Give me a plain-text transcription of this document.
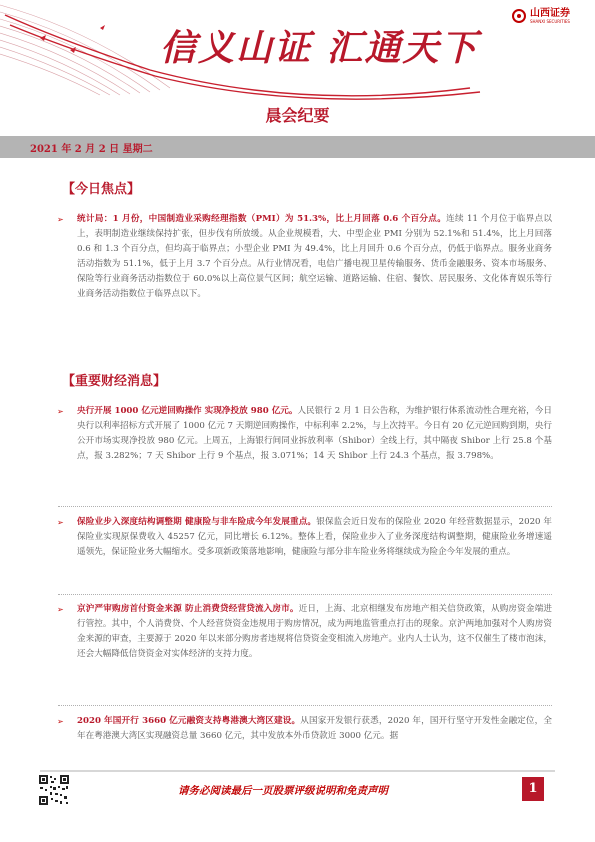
信义山证 汇通天下
山西证券
SHANXI SECURITIES
晨会纪要
2021 年 2 月 2 日 星期二
【今日焦点】
➢	统计局：1 月份，中国制造业采购经理指数（PMI）为 51.3%，比上月回落 0.6 个百分点。连续 11 个月位于临界点以上，表明制造业继续保持扩张，但步伐有所放缓。从企业规模看，大、中型企业 PMI 分别为 52.1%和 51.4%，比上月回落 0.6 和 1.3 个百分点，但均高于临界点；小型企业 PMI 为 49.4%，比上月回升 0.6 个百分点，仍低于临界点。服务业商务活动指数为 51.1%，低于上月 3.7 个百分点。从行业情况看，电信广播电视卫星传输服务、货币金融服务、资本市场服务、保险等行业商务活动指数位于 60.0%以上高位景气区间；航空运输、道路运输、住宿、餐饮、居民服务、文化体育娱乐等行业商务活动指数位于临界点以下。
【重要财经消息】
➢	央行开展 1000 亿元逆回购操作 实现净投放 980 亿元。人民银行 2 月 1 日公告称，为维护银行体系流动性合理充裕，今日央行以利率招标方式开展了 1000 亿元 7 天期逆回购操作，中标利率 2.2%，与上次持平。今日有 20 亿元逆回购到期，央行公开市场实现净投放 980 亿元。上周五，上海银行间同业拆放利率（Shibor）全线上行，其中隔夜 Shibor 上行 25.8 个基点，报 3.282%；7 天 Shibor 上行 9 个基点，报 3.071%；14 天 Shibor 上行 24.3 个基点，报 3.798%。
➢	保险业步入深度结构调整期 健康险与非车险成今年发展重点。银保监会近日发布的保险业 2020 年经营数据显示，2020 年保险业实现原保费收入 45257 亿元，同比增长 6.12%。整体上看，保险业步入了业务深度结构调整期，健康险业务增速遥遥领先，保证险业务大幅缩水。受多项新政策落地影响，健康险与部分非车险业务将继续成为险企今年发展的重点。
➢	京沪严审购房首付资金来源 防止消费贷经营贷流入房市。近日，上海、北京相继发布房地产相关信贷政策，从购房资金端进行管控。其中，个人消费贷、个人经营贷资金违规用于购房情况，成为两地监管重点打击的现象。京沪两地加强对个人购房资金来源的审查，主要源于 2020 年以来部分购房者违规将信贷资金变相流入房地产。业内人士认为，这不仅催生了楼市泡沫，还会大幅降低信贷资金对实体经济的支持力度。
➢	2020 年国开行 3660 亿元融资支持粤港澳大湾区建设。从国家开发银行获悉，2020 年，国开行坚守开发性金融定位，全年在粤港澳大湾区实现融资总量 3660 亿元，其中发放本外币贷款近 3000 亿元。据
请务必阅读最后一页股票评级说明和免责声明	1
